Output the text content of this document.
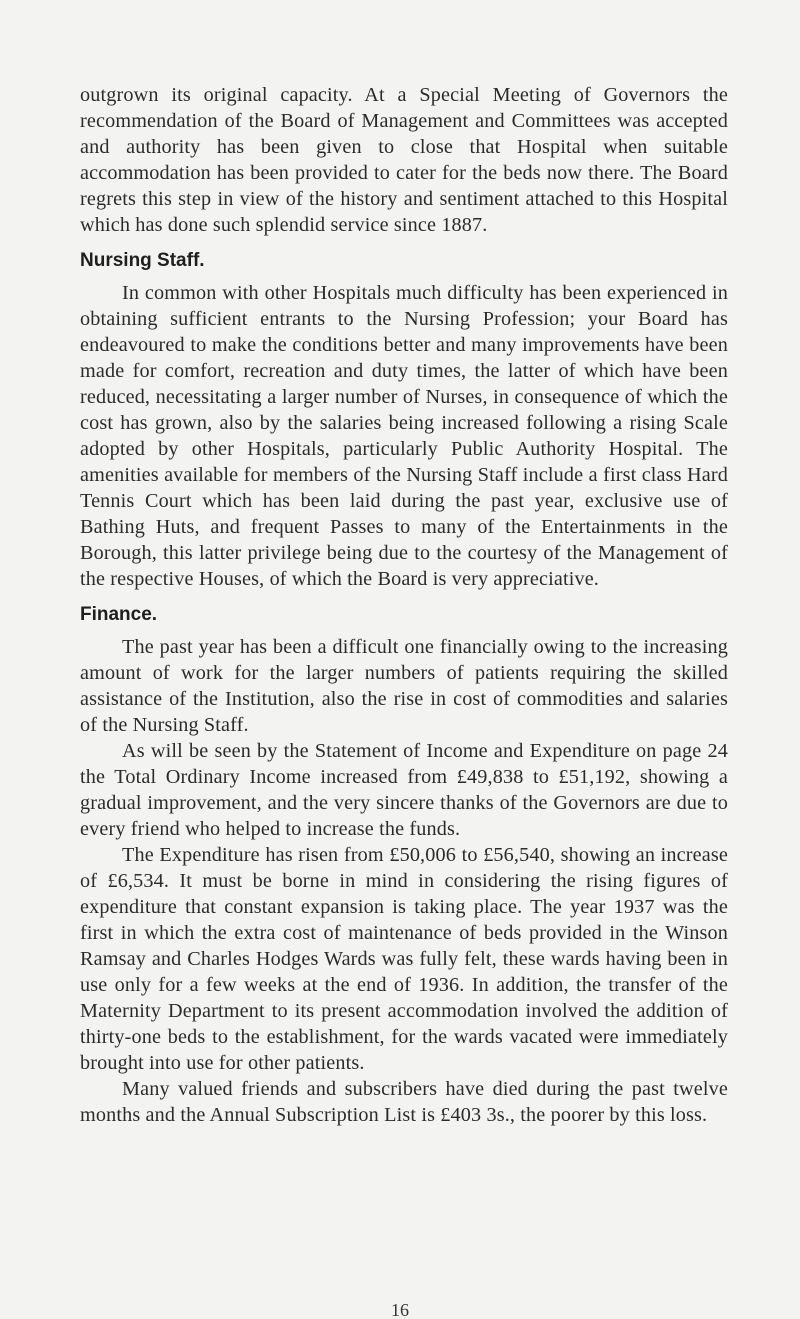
outgrown its original capacity. At a Special Meeting of Governors the recommendation of the Board of Management and Committees was accepted and authority has been given to close that Hospital when suitable accommodation has been provided to cater for the beds now there. The Board regrets this step in view of the history and sentiment attached to this Hospital which has done such splendid service since 1887.

Nursing Staff.

In common with other Hospitals much difficulty has been experienced in obtaining sufficient entrants to the Nursing Profession; your Board has endeavoured to make the conditions better and many improvements have been made for comfort, recreation and duty times, the latter of which have been reduced, necessitating a larger number of Nurses, in consequence of which the cost has grown, also by the salaries being increased following a rising Scale adopted by other Hospitals, particularly Public Authority Hospital. The amenities available for members of the Nursing Staff include a first class Hard Tennis Court which has been laid during the past year, exclusive use of Bathing Huts, and frequent Passes to many of the Entertainments in the Borough, this latter privilege being due to the courtesy of the Management of the respective Houses, of which the Board is very appreciative.

Finance.

The past year has been a difficult one financially owing to the increasing amount of work for the larger numbers of patients requiring the skilled assistance of the Institution, also the rise in cost of commodities and salaries of the Nursing Staff.

As will be seen by the Statement of Income and Expenditure on page 24 the Total Ordinary Income increased from £49,838 to £51,192, showing a gradual improvement, and the very sincere thanks of the Governors are due to every friend who helped to increase the funds.

The Expenditure has risen from £50,006 to £56,540, showing an increase of £6,534. It must be borne in mind in considering the rising figures of expenditure that constant expansion is taking place. The year 1937 was the first in which the extra cost of maintenance of beds provided in the Winson Ramsay and Charles Hodges Wards was fully felt, these wards having been in use only for a few weeks at the end of 1936. In addition, the transfer of the Maternity Department to its present accommodation involved the addition of thirty-one beds to the establishment, for the wards vacated were immediately brought into use for other patients.

Many valued friends and subscribers have died during the past twelve months and the Annual Subscription List is £403 3s., the poorer by this loss.

16
